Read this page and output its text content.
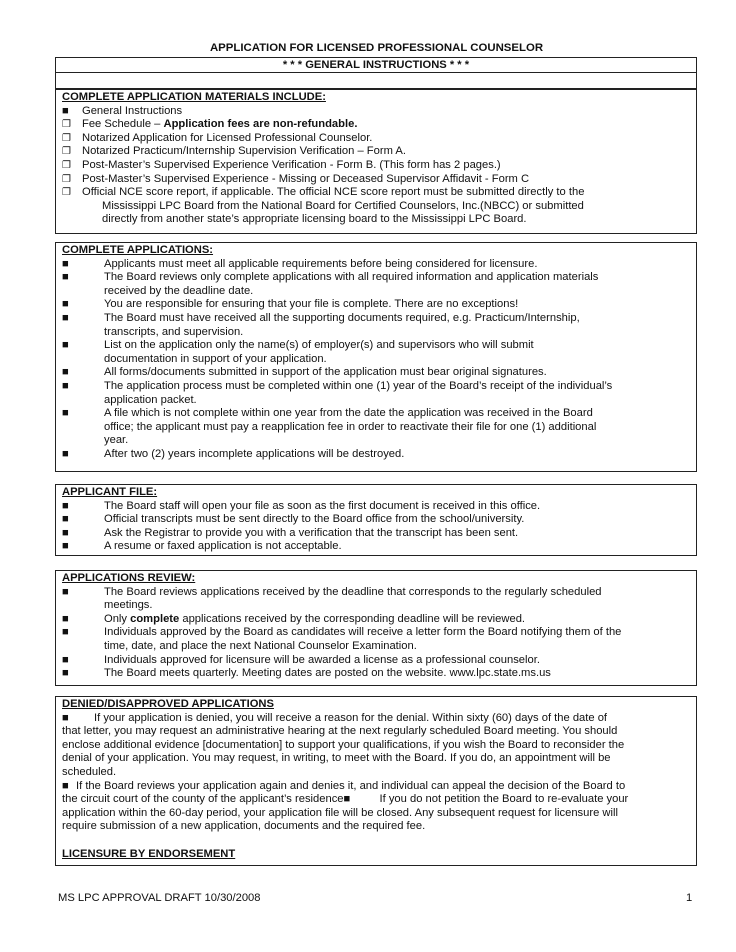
APPLICATION FOR LICENSED PROFESSIONAL COUNSELOR
* * * GENERAL INSTRUCTIONS * * *
COMPLETE APPLICATION MATERIALS INCLUDE:
■	General Instructions
❐ Fee Schedule – Application fees are non-refundable.
❐ Notarized Application for Licensed Professional Counselor.
❐ Notarized Practicum/Internship Supervision Verification – Form A.
❐ Post-Master’s Supervised Experience Verification - Form B. (This form has 2 pages.)
❐ Post-Master’s Supervised Experience - Missing or Deceased Supervisor Affidavit - Form C
❐ Official NCE score report, if applicable. The official NCE score report must be submitted directly to the
Mississippi LPC Board from the National Board for Certified Counselors, Inc.(NBCC) or submitted
directly from another state’s appropriate licensing board to the Mississippi LPC Board.
COMPLETE APPLICATIONS:
■	Applicants must meet all applicable requirements before being considered for licensure.
■	The Board reviews only complete applications with all required information and application materials
received by the deadline date.
■	You are responsible for ensuring that your file is complete. There are no exceptions!
■	The Board must have received all the supporting documents required, e.g. Practicum/Internship,
transcripts, and supervision.
■	List on the application only the name(s) of employer(s) and supervisors who will submit
documentation in support of your application.
■	All forms/documents submitted in support of the application must bear original signatures.
■	The application process must be completed within one (1) year of the Board’s receipt of the individual’s
application packet.
■	A file which is not complete within one year from the date the application was received in the Board
office; the applicant must pay a reapplication fee in order to reactivate their file for one (1) additional
year.
■	After two (2) years incomplete applications will be destroyed.
APPLICANT FILE:
■	The Board staff will open your file as soon as the first document is received in this office.
■	Official transcripts must be sent directly to the Board office from the school/university.
■	Ask the Registrar to provide you with a verification that the transcript has been sent.
■	A resume or faxed application is not acceptable.
APPLICATIONS REVIEW:
■	The Board reviews applications received by the deadline that corresponds to the regularly scheduled
meetings.
■	Only complete applications received by the corresponding deadline will be reviewed.
■	Individuals approved by the Board as candidates will receive a letter form the Board notifying them of the
time, date, and place the next National Counselor Examination.
■	Individuals approved for licensure will be awarded a license as a professional counselor.
■	The Board meets quarterly. Meeting dates are posted on the website. www.lpc.state.ms.us
DENIED/DISAPPROVED APPLICATIONS
■ If your application is denied, you will receive a reason for the denial. Within sixty (60) days of the date of
that letter, you may request an administrative hearing at the next regularly scheduled Board meeting. You should
enclose additional evidence [documentation] to support your qualifications, if you wish the Board to reconsider the
denial of your application. You may request, in writing, to meet with the Board. If you do, an appointment will be
scheduled.
■ If the Board reviews your application again and denies it, and individual can appeal the decision of the Board to
the circuit court of the county of the applicant’s residence■	If you do not petition the Board to re-evaluate your
application within the 60-day period, your application file will be closed. Any subsequent request for licensure will
require submission of a new application, documents and the required fee.
LICENSURE BY ENDORSEMENT
MS LPC APPROVAL DRAFT 10/30/2008	1
